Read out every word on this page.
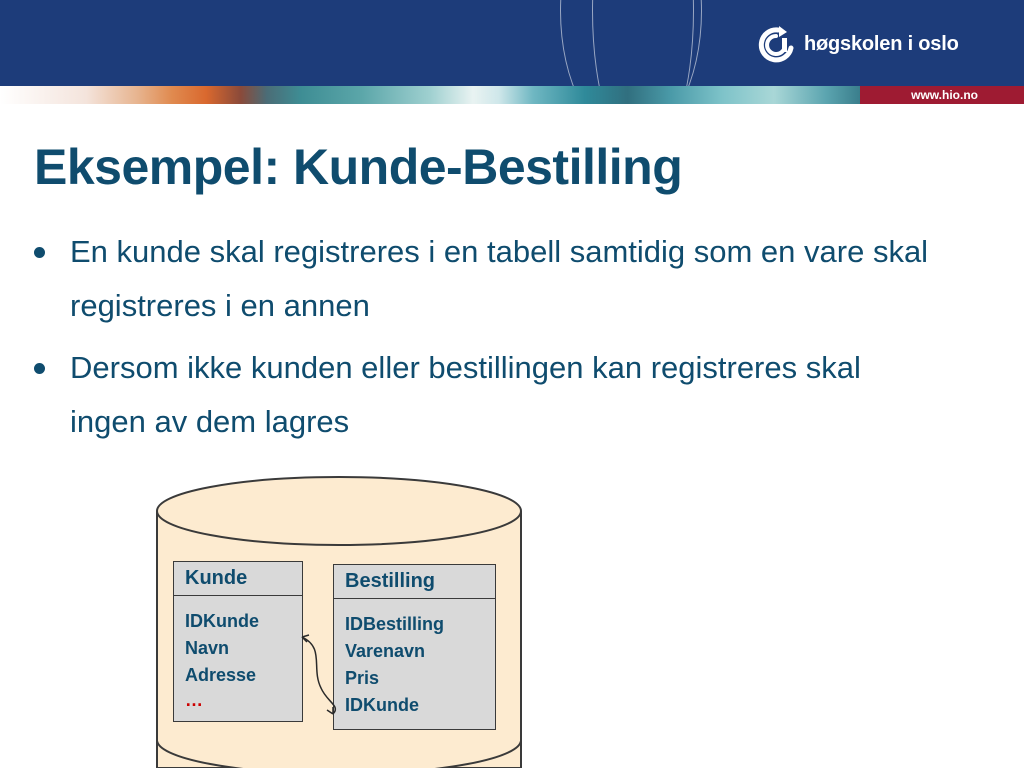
høgskolen i oslo
www.hio.no
Eksempel: Kunde-Bestilling
En kunde skal registreres i en tabell samtidig som en vare skal registreres i en annen
Dersom ikke kunden eller bestillingen kan registreres skal ingen av dem lagres
Kunde
IDKunde
Navn
Adresse
…
Bestilling
IDBestilling
Varenavn
Pris
IDKunde
